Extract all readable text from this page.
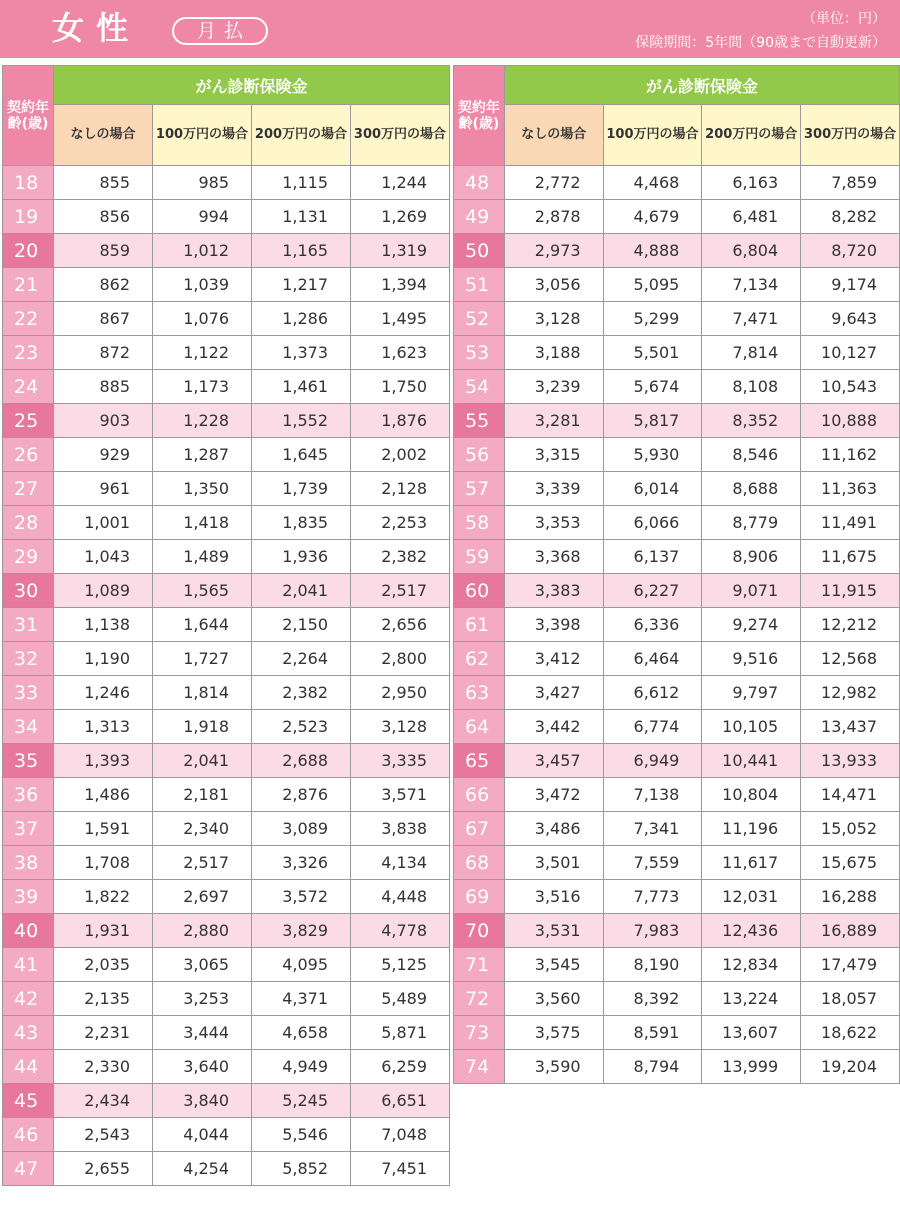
女性	月払
（単位：円）
保険期間：5年間（90歳まで自動更新）
契約年齢(歳)	がん診断保険金			
	なしの場合	100万円の場合	200万円の場合	300万円の場合
18	855	985	1,115	1,244
19	856	994	1,131	1,269
20	859	1,012	1,165	1,319
21	862	1,039	1,217	1,394
22	867	1,076	1,286	1,495
23	872	1,122	1,373	1,623
24	885	1,173	1,461	1,750
25	903	1,228	1,552	1,876
26	929	1,287	1,645	2,002
27	961	1,350	1,739	2,128
28	1,001	1,418	1,835	2,253
29	1,043	1,489	1,936	2,382
30	1,089	1,565	2,041	2,517
31	1,138	1,644	2,150	2,656
32	1,190	1,727	2,264	2,800
33	1,246	1,814	2,382	2,950
34	1,313	1,918	2,523	3,128
35	1,393	2,041	2,688	3,335
36	1,486	2,181	2,876	3,571
37	1,591	2,340	3,089	3,838
38	1,708	2,517	3,326	4,134
39	1,822	2,697	3,572	4,448
40	1,931	2,880	3,829	4,778
41	2,035	3,065	4,095	5,125
42	2,135	3,253	4,371	5,489
43	2,231	3,444	4,658	5,871
44	2,330	3,640	4,949	6,259
45	2,434	3,840	5,245	6,651
46	2,543	4,044	5,546	7,048
47	2,655	4,254	5,852	7,451
契約年齢(歳)	がん診断保険金			
	なしの場合	100万円の場合	200万円の場合	300万円の場合
48	2,772	4,468	6,163	7,859
49	2,878	4,679	6,481	8,282
50	2,973	4,888	6,804	8,720
51	3,056	5,095	7,134	9,174
52	3,128	5,299	7,471	9,643
53	3,188	5,501	7,814	10,127
54	3,239	5,674	8,108	10,543
55	3,281	5,817	8,352	10,888
56	3,315	5,930	8,546	11,162
57	3,339	6,014	8,688	11,363
58	3,353	6,066	8,779	11,491
59	3,368	6,137	8,906	11,675
60	3,383	6,227	9,071	11,915
61	3,398	6,336	9,274	12,212
62	3,412	6,464	9,516	12,568
63	3,427	6,612	9,797	12,982
64	3,442	6,774	10,105	13,437
65	3,457	6,949	10,441	13,933
66	3,472	7,138	10,804	14,471
67	3,486	7,341	11,196	15,052
68	3,501	7,559	11,617	15,675
69	3,516	7,773	12,031	16,288
70	3,531	7,983	12,436	16,889
71	3,545	8,190	12,834	17,479
72	3,560	8,392	13,224	18,057
73	3,575	8,591	13,607	18,622
74	3,590	8,794	13,999	19,204
